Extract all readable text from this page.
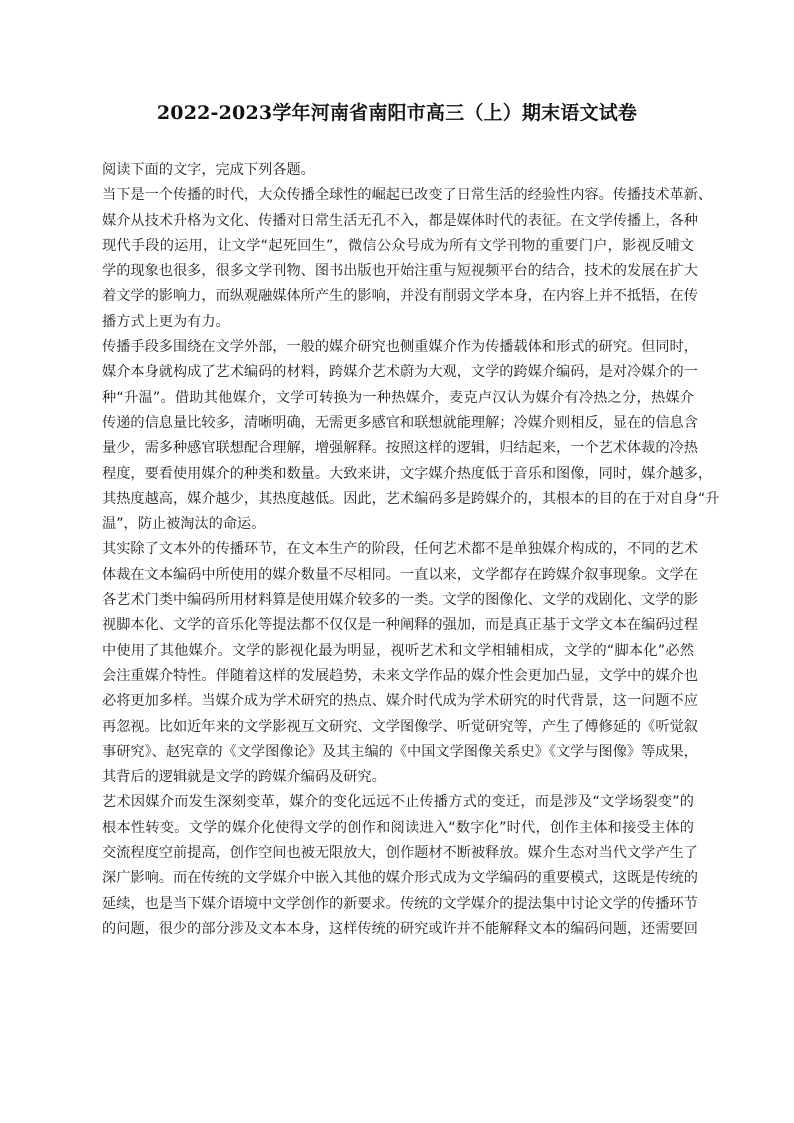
2022-2023学年河南省南阳市高三（上）期末语文试卷
阅读下面的文字，完成下列各题。

当下是一个传播的时代，大众传播全球性的崛起已改变了日常生活的经验性内容。传播技术革新、
媒介从技术升格为文化、传播对日常生活无孔不入，都是媒体时代的表征。在文学传播上，各种
现代手段的运用，让文学“起死回生”，微信公众号成为所有文学刊物的重要门户，影视反哺文
学的现象也很多，很多文学刊物、图书出版也开始注重与短视频平台的结合，技术的发展在扩大
着文学的影响力，而纵观融媒体所产生的影响，并没有削弱文学本身，在内容上并不抵牾，在传
播方式上更为有力。

传播手段多围绕在文学外部，一般的媒介研究也侧重媒介作为传播载体和形式的研究。但同时，
媒介本身就构成了艺术编码的材料，跨媒介艺术蔚为大观，文学的跨媒介编码，是对冷媒介的一
种“升温”。借助其他媒介，文学可转换为一种热媒介，麦克卢汉认为媒介有冷热之分，热媒介
传递的信息量比较多，清晰明确，无需更多感官和联想就能理解；冷媒介则相反，显在的信息含
量少，需多种感官联想配合理解，增强解释。按照这样的逻辑，归结起来，一个艺术体裁的冷热
程度，要看使用媒介的种类和数量。大致来讲，文字媒介热度低于音乐和图像，同时，媒介越多，
其热度越高，媒介越少，其热度越低。因此，艺术编码多是跨媒介的，其根本的目的在于对自身“升
温”，防止被淘汰的命运。

其实除了文本外的传播环节，在文本生产的阶段，任何艺术都不是单独媒介构成的，不同的艺术
体裁在文本编码中所使用的媒介数量不尽相同。一直以来，文学都存在跨媒介叙事现象。文学在
各艺术门类中编码所用材料算是使用媒介较多的一类。文学的图像化、文学的戏剧化、文学的影
视脚本化、文学的音乐化等提法都不仅仅是一种阐释的强加，而是真正基于文学文本在编码过程
中使用了其他媒介。文学的影视化最为明显，视听艺术和文学相辅相成，文学的“脚本化”必然
会注重媒介特性。伴随着这样的发展趋势，未来文学作品的媒介性会更加凸显，文学中的媒介也
必将更加多样。当媒介成为学术研究的热点、媒介时代成为学术研究的时代背景，这一问题不应
再忽视。比如近年来的文学影视互文研究、文学图像学、听觉研究等，产生了傅修延的《听觉叙
事研究》、赵宪章的《文学图像论》及其主编的《中国文学图像关系史》《文学与图像》等成果，
其背后的逻辑就是文学的跨媒介编码及研究。

艺术因媒介而发生深刻变革，媒介的变化远远不止传播方式的变迁，而是涉及“文学场裂变”的
根本性转变。文学的媒介化使得文学的创作和阅读进入“数字化”时代，创作主体和接受主体的
交流程度空前提高，创作空间也被无限放大，创作题材不断被释放。媒介生态对当代文学产生了
深广影响。而在传统的文学媒介中嵌入其他的媒介形式成为文学编码的重要模式，这既是传统的
延续，也是当下媒介语境中文学创作的新要求。传统的文学媒介的提法集中讨论文学的传播环节
的问题，很少的部分涉及文本本身，这样传统的研究或许并不能解释文本的编码问题，还需要回
